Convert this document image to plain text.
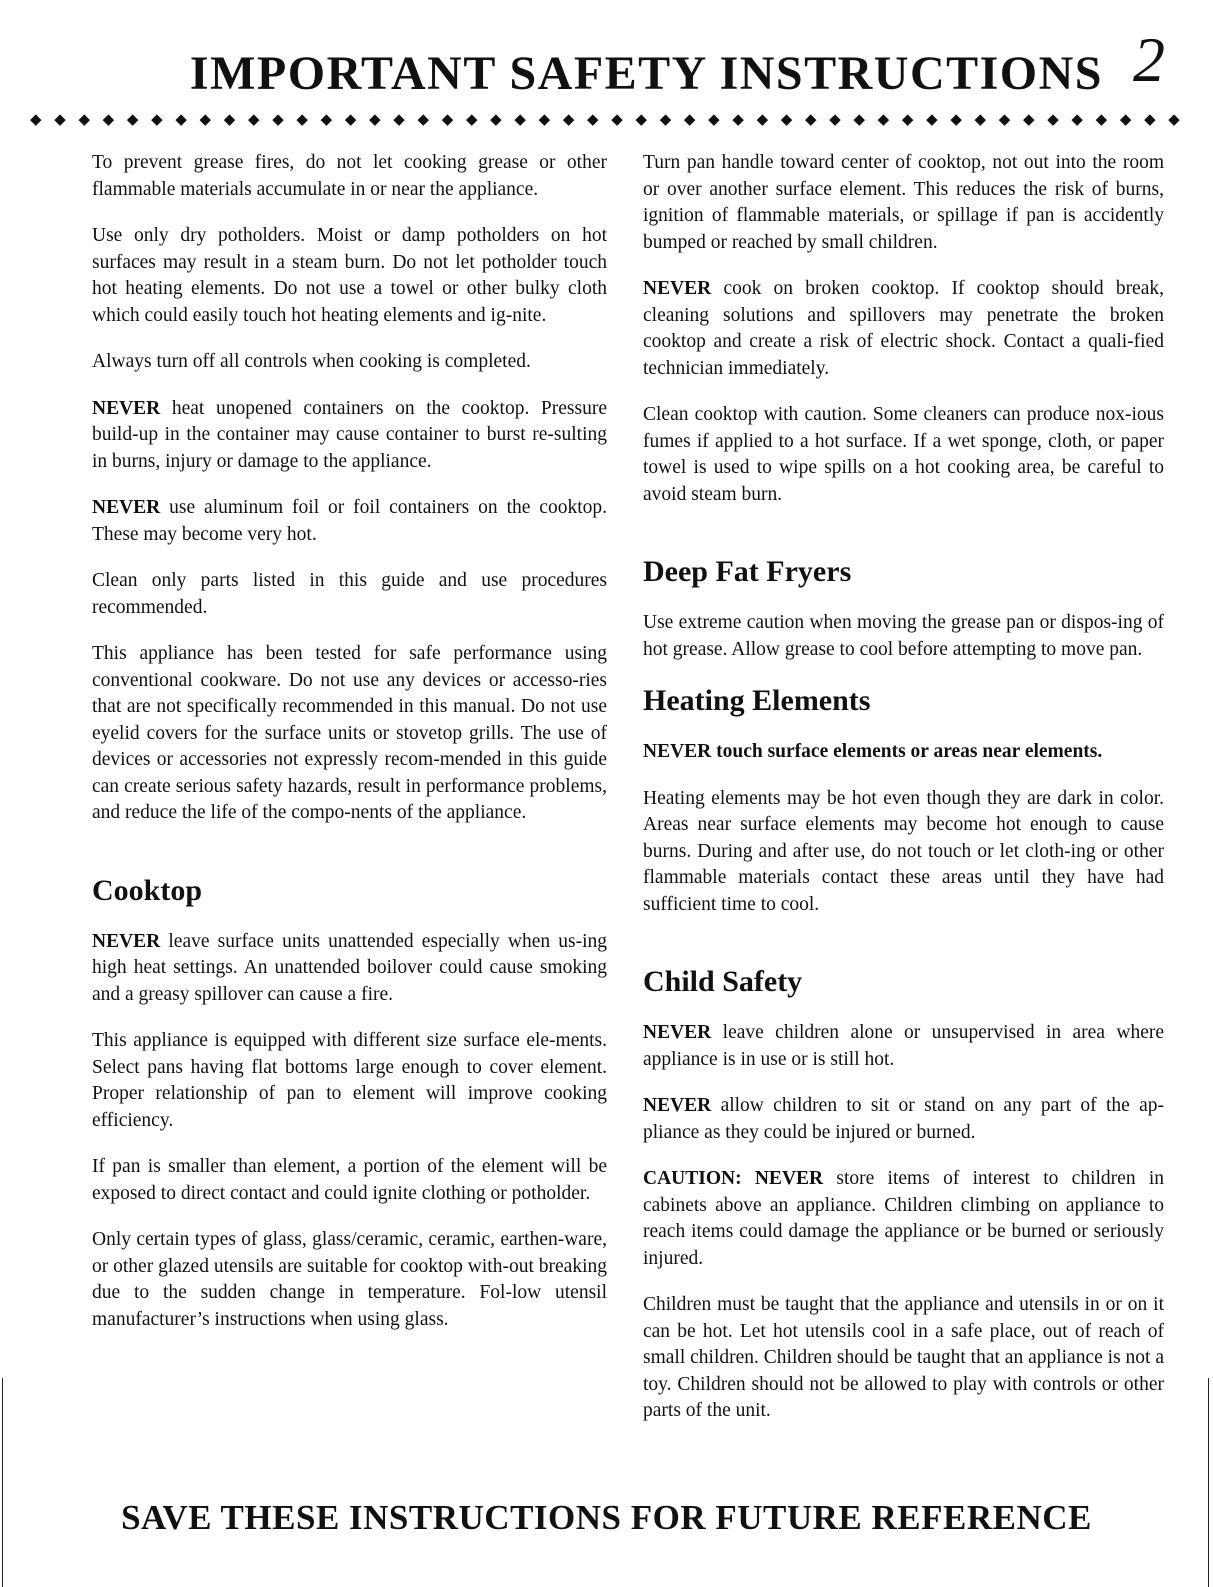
IMPORTANT SAFETY INSTRUCTIONS 2
◆ ◆ ◆ ◆ ◆ ◆ ◆ ◆ ◆ ◆ ◆ ◆ ◆ ◆ ◆ ◆ ◆ ◆ ◆ ◆ ◆ ◆ ◆ ◆ ◆ ◆ ◆ ◆ ◆ ◆ ◆ ◆ ◆ ◆ ◆ ◆ ◆ ◆ ◆ ◆ ◆ ◆ ◆ ◆ ◆ ◆ ◆ ◆

To prevent grease fires, do not let cooking grease or other flammable materials accumulate in or near the appliance.

Use only dry potholders. Moist or damp potholders on hot surfaces may result in a steam burn. Do not let potholder touch hot heating elements. Do not use a towel or other bulky cloth which could easily touch hot heating elements and ig-nite.

Always turn off all controls when cooking is completed.

NEVER heat unopened containers on the cooktop. Pressure build-up in the container may cause container to burst re-sulting in burns, injury or damage to the appliance.

NEVER use aluminum foil or foil containers on the cooktop. These may become very hot.

Clean only parts listed in this guide and use procedures recommended.

This appliance has been tested for safe performance using conventional cookware. Do not use any devices or accesso-ries that are not specifically recommended in this manual. Do not use eyelid covers for the surface units or stovetop grills. The use of devices or accessories not expressly recom-mended in this guide can create serious safety hazards, result in performance problems, and reduce the life of the compo-nents of the appliance.

Cooktop

NEVER leave surface units unattended especially when us-ing high heat settings. An unattended boilover could cause smoking and a greasy spillover can cause a fire.

This appliance is equipped with different size surface ele-ments. Select pans having flat bottoms large enough to cover element. Proper relationship of pan to element will improve cooking efficiency.

If pan is smaller than element, a portion of the element will be exposed to direct contact and could ignite clothing or potholder.

Only certain types of glass, glass/ceramic, ceramic, earthen-ware, or other glazed utensils are suitable for cooktop with-out breaking due to the sudden change in temperature. Fol-low utensil manufacturer’s instructions when using glass.

Turn pan handle toward center of cooktop, not out into the room or over another surface element. This reduces the risk of burns, ignition of flammable materials, or spillage if pan is accidently bumped or reached by small children.

NEVER cook on broken cooktop. If cooktop should break, cleaning solutions and spillovers may penetrate the broken cooktop and create a risk of electric shock. Contact a quali-fied technician immediately.

Clean cooktop with caution. Some cleaners can produce nox-ious fumes if applied to a hot surface. If a wet sponge, cloth, or paper towel is used to wipe spills on a hot cooking area, be careful to avoid steam burn.

Deep Fat Fryers

Use extreme caution when moving the grease pan or dispos-ing of hot grease. Allow grease to cool before attempting to move pan.

Heating Elements

NEVER touch surface elements or areas near elements.

Heating elements may be hot even though they are dark in color. Areas near surface elements may become hot enough to cause burns. During and after use, do not touch or let cloth-ing or other flammable materials contact these areas until they have had sufficient time to cool.

Child Safety

NEVER leave children alone or unsupervised in area where appliance is in use or is still hot.

NEVER allow children to sit or stand on any part of the ap-pliance as they could be injured or burned.

CAUTION: NEVER store items of interest to children in cabinets above an appliance. Children climbing on appliance to reach items could damage the appliance or be burned or seriously injured.

Children must be taught that the appliance and utensils in or on it can be hot. Let hot utensils cool in a safe place, out of reach of small children. Children should be taught that an appliance is not a toy. Children should not be allowed to play with controls or other parts of the unit.

SAVE THESE INSTRUCTIONS FOR FUTURE REFERENCE
